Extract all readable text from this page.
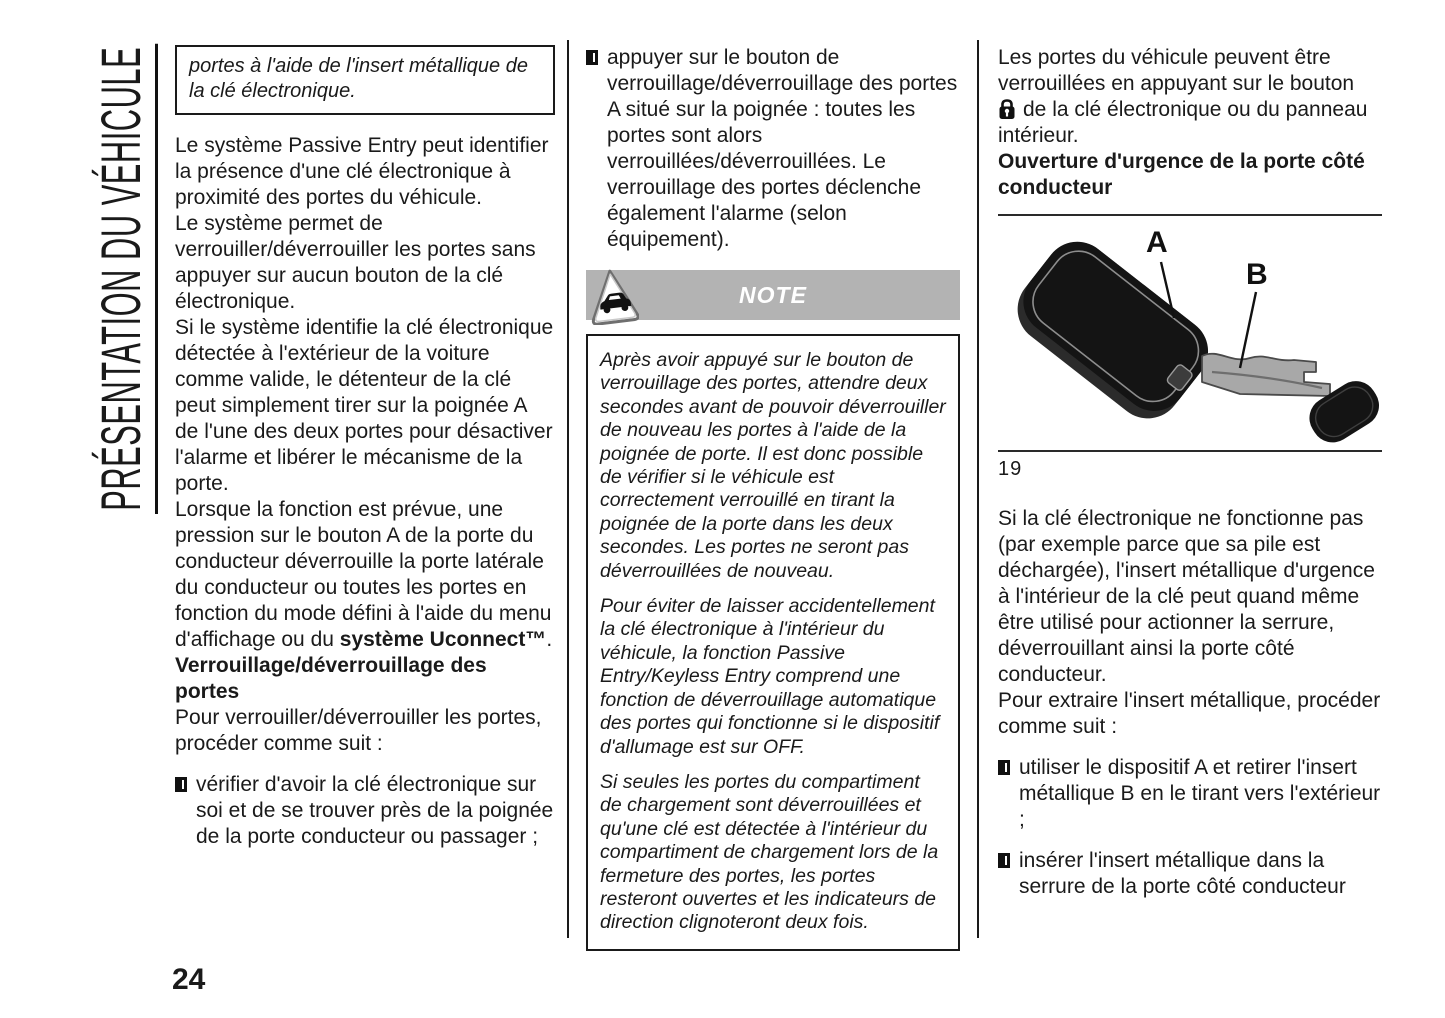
PRÉSENTATION DU VÉHICULE	portes à l'aide de l'insert métallique de la clé électronique.
Le système Passive Entry peut identifier la présence d'une clé électronique à proximité des portes du véhicule.

Le système permet de verrouiller/déverrouiller les portes sans appuyer sur aucun bouton de la clé électronique.
Si le système identifie la clé électronique détectée à l'extérieur de la voiture comme valide, le détenteur de la clé peut simplement tirer sur la poignée A de l'une des deux portes pour désactiver l'alarme et libérer le mécanisme de la porte.
Lorsque la fonction est prévue, une pression sur le bouton A de la porte du conducteur déverrouille la porte latérale du conducteur ou toutes les portes en fonction du mode défini à l'aide du menu d'affichage ou du système Uconnect™.
Verrouillage/déverrouillage des portes
Pour verrouiller/déverrouiller les portes, procéder comme suit :
vérifier d'avoir la clé électronique sur soi et de se trouver près de la poignée de la porte conducteur ou passager ;
appuyer sur le bouton de verrouillage/déverrouillage des portes A situé sur la poignée : toutes les portes sont alors verrouillées/déverrouillées. Le verrouillage des portes déclenche également l'alarme (selon équipement).
NOTE

Après avoir appuyé sur le bouton de verrouillage des portes, attendre deux secondes avant de pouvoir déverrouiller de nouveau les portes à l'aide de la poignée de porte. Il est donc possible de vérifier si le véhicule est correctement verrouillé en tirant la poignée de la porte dans les deux secondes. Les portes ne seront pas déverrouillées de nouveau.

Pour éviter de laisser accidentellement la clé électronique à l'intérieur du véhicule, la fonction Passive Entry/Keyless Entry comprend une fonction de déverrouillage automatique des portes qui fonctionne si le dispositif d'allumage est sur OFF.

Si seules les portes du compartiment de chargement sont déverrouillées et qu'une clé est détectée à l'intérieur du compartiment de chargement lors de la fermeture des portes, les portes resteront ouvertes et les indicateurs de direction clignoteront deux fois.

Les portes du véhicule peuvent être verrouillées en appuyant sur le bouton
de la clé électronique ou du panneau intérieur.
Ouverture d'urgence de la porte côté conducteur
A
B
19
Si la clé électronique ne fonctionne pas (par exemple parce que sa pile est déchargée), l'insert métallique d'urgence à l'intérieur de la clé peut quand même être utilisé pour actionner la serrure, déverrouillant ainsi la porte côté conducteur.
Pour extraire l'insert métallique, procéder comme suit :
utiliser le dispositif A et retirer l'insert métallique B en le tirant vers l'extérieur ;
insérer l'insert métallique dans la serrure de la porte côté conducteur
24
